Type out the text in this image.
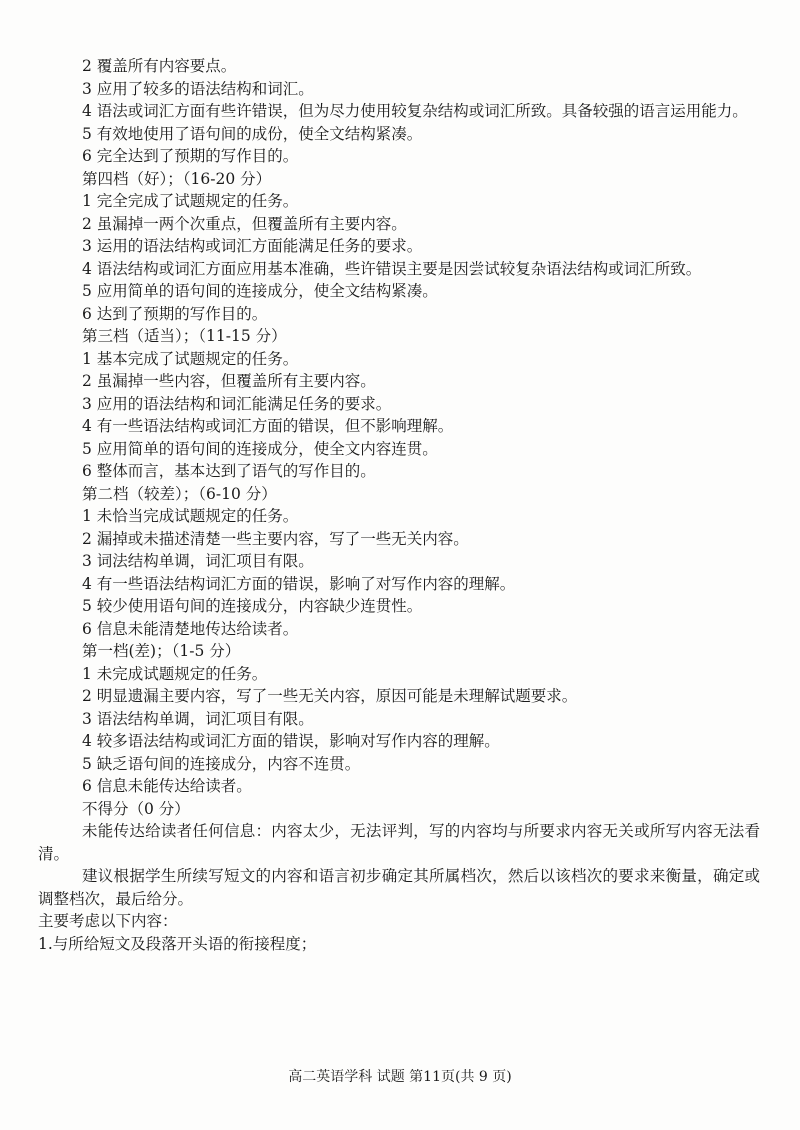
2 覆盖所有内容要点。
3 应用了较多的语法结构和词汇。
4 语法或词汇方面有些许错误，但为尽力使用较复杂结构或词汇所致。具备较强的语言运用能力。
5 有效地使用了语句间的成份，使全文结构紧凑。
6 完全达到了预期的写作目的。
第四档（好）；（16-20 分）
1 完全完成了试题规定的任务。
2 虽漏掉一两个次重点，但覆盖所有主要内容。
3 运用的语法结构或词汇方面能满足任务的要求。
4 语法结构或词汇方面应用基本准确，些许错误主要是因尝试较复杂语法结构或词汇所致。
5 应用简单的语句间的连接成分，使全文结构紧凑。
6 达到了预期的写作目的。
第三档（适当）；（11-15 分）
1 基本完成了试题规定的任务。
2 虽漏掉一些内容，但覆盖所有主要内容。
3 应用的语法结构和词汇能满足任务的要求。
4 有一些语法结构或词汇方面的错误，但不影响理解。
5 应用简单的语句间的连接成分，使全文内容连贯。
6 整体而言，基本达到了语气的写作目的。
第二档（较差）；（6-10 分）
1 未恰当完成试题规定的任务。
2 漏掉或未描述清楚一些主要内容，写了一些无关内容。
3 词法结构单调，词汇项目有限。
4 有一些语法结构词汇方面的错误，影响了对写作内容的理解。
5 较少使用语句间的连接成分，内容缺少连贯性。
6 信息未能清楚地传达给读者。
第一档(差)；（1-5 分）
1 未完成试题规定的任务。
2 明显遗漏主要内容，写了一些无关内容，原因可能是未理解试题要求。
3 语法结构单调，词汇项目有限。
4 较多语法结构或词汇方面的错误，影响对写作内容的理解。
5 缺乏语句间的连接成分，内容不连贯。
6 信息未能传达给读者。
不得分（0 分）
未能传达给读者任何信息：内容太少，无法评判，写的内容均与所要求内容无关或所写内容无法看清。
建议根据学生所续写短文的内容和语言初步确定其所属档次，然后以该档次的要求来衡量，确定或调整档次，最后给分。
主要考虑以下内容：
1.与所给短文及段落开头语的衔接程度；
高二英语学科 试题 第11页(共 9 页)
